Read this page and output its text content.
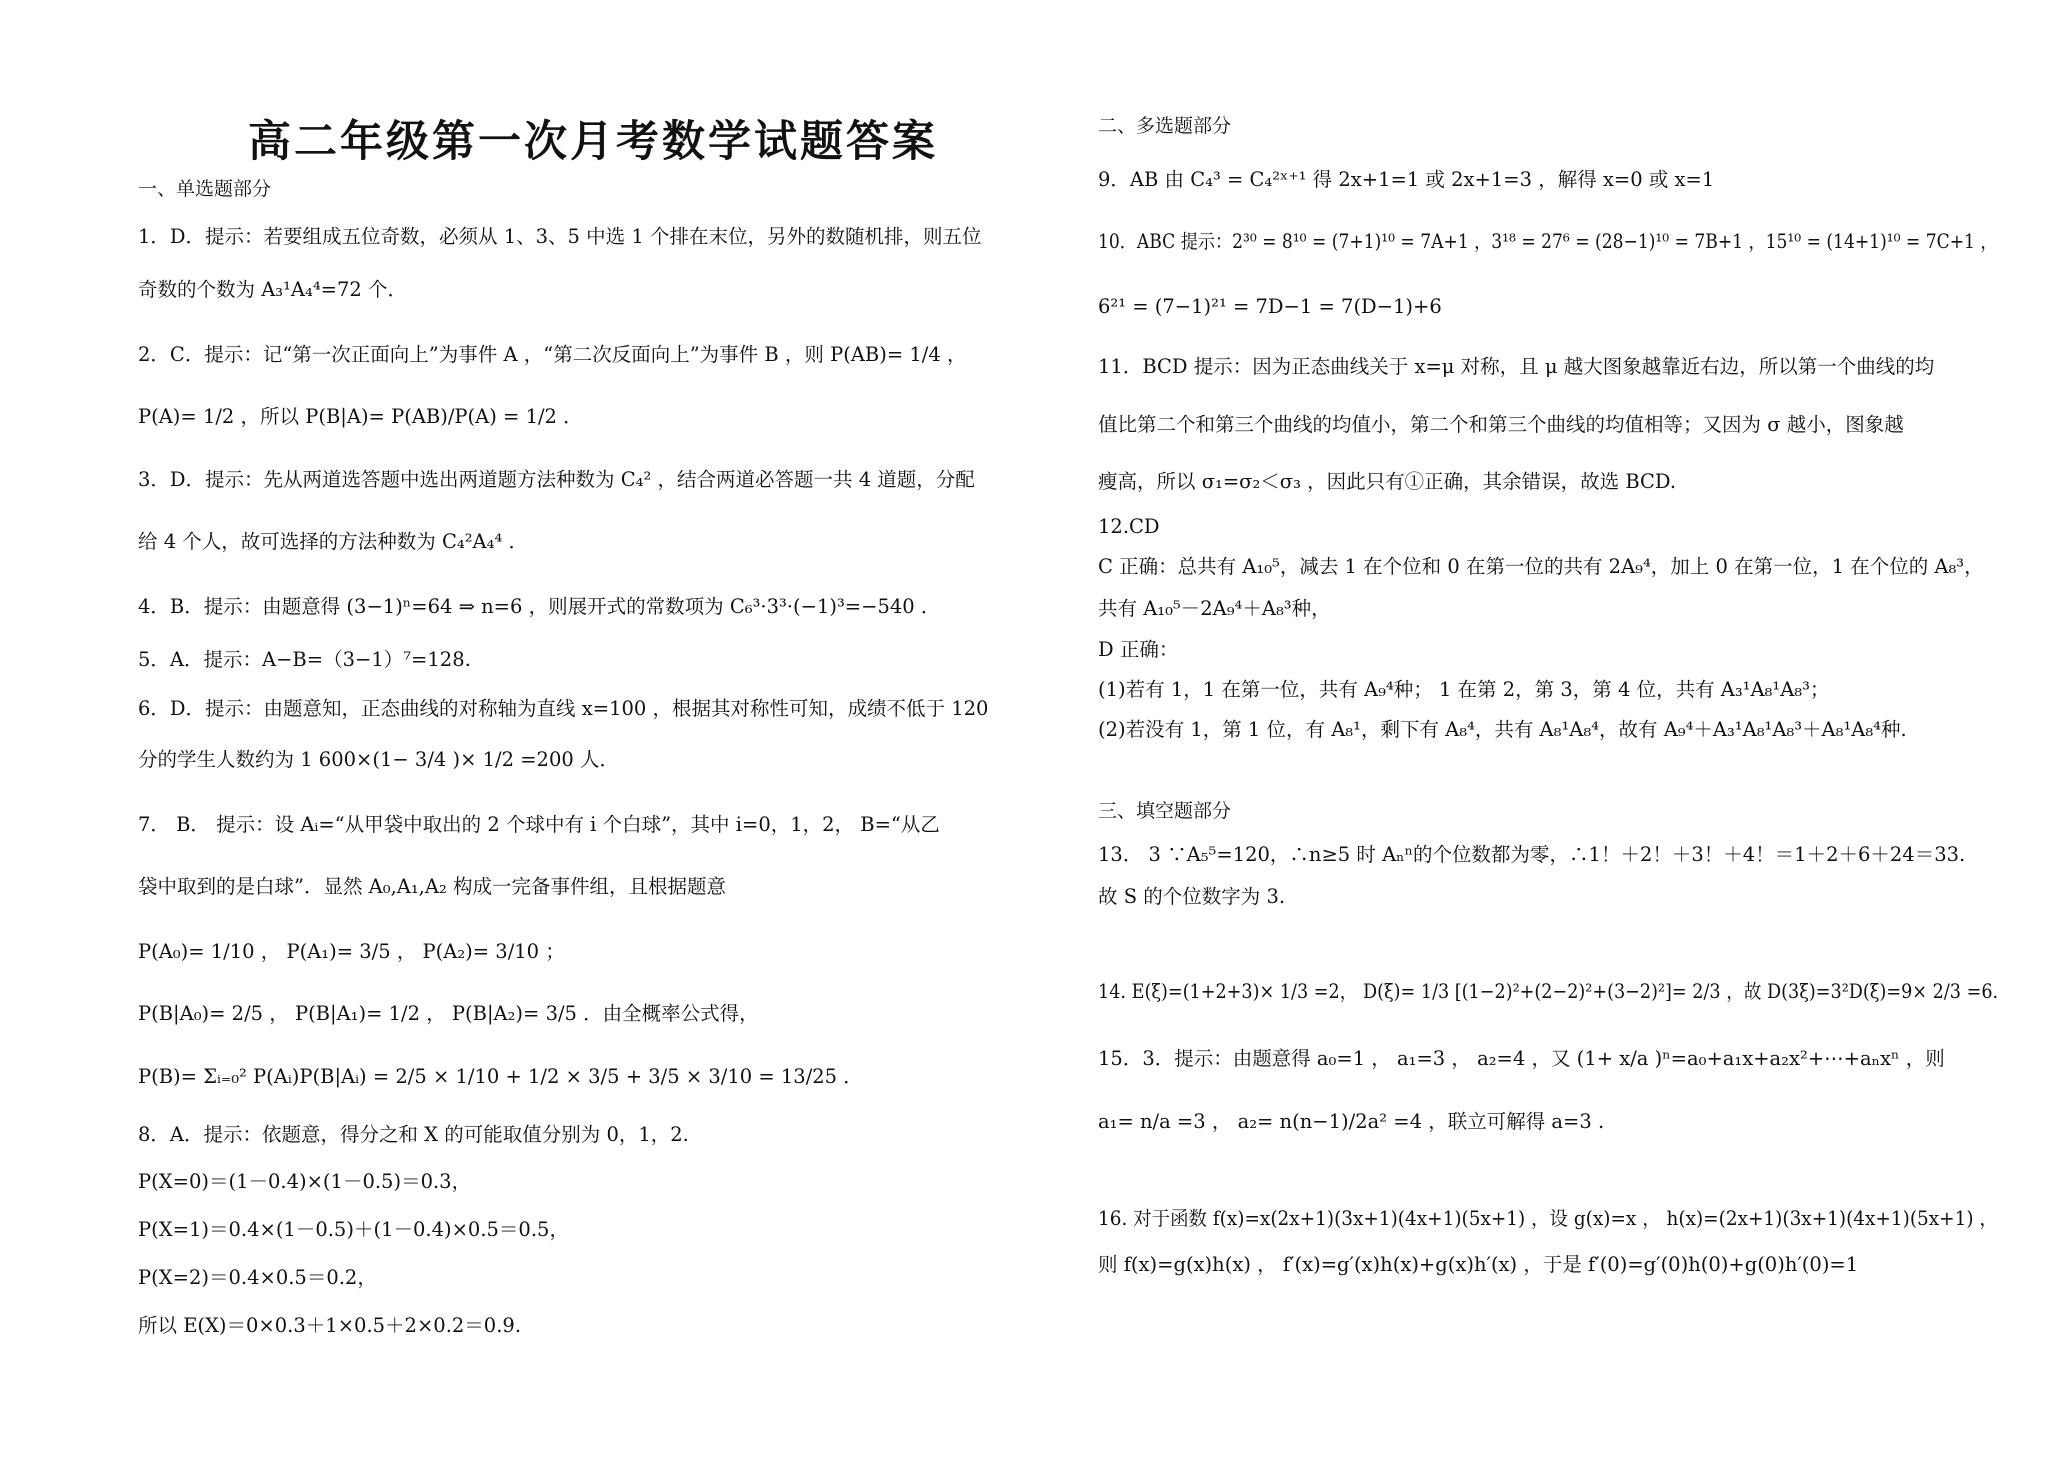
高二年级第一次月考数学试题答案
一、单选题部分
1．D．提示：若要组成五位奇数，必须从 1、3、5 中选 1 个排在末位，另外的数随机排，则五位
奇数的个数为 A₃¹A₄⁴=72 个．
2．C．提示：记“第一次正面向上”为事件 A ，“第二次反面向上”为事件 B ，则 P(AB)= 1/4 ，
P(A)= 1/2 ，所以 P(B|A)= P(AB)/P(A) = 1/2 ．
3．D．提示：先从两道选答题中选出两道题方法种数为 C₄² ，结合两道必答题一共 4 道题，分配
给 4 个人，故可选择的方法种数为 C₄²A₄⁴ ．
4．B．提示：由题意得 (3−1)ⁿ=64 ⇒ n=6 ，则展开式的常数项为 C₆³·3³·(−1)³=−540 ．
5．A．提示：A−B=（3−1）⁷=128.
6．D．提示：由题意知，正态曲线的对称轴为直线 x=100 ，根据其对称性可知，成绩不低于 120
分的学生人数约为 1 600×(1− 3/4 )× 1/2 =200 人．
7． B． 提示：设 Aᵢ=“从甲袋中取出的 2 个球中有 i 个白球”，其中 i=0，1，2， B=“从乙
袋中取到的是白球”．显然 A₀,A₁,A₂ 构成一完备事件组，且根据题意
P(A₀)= 1/10 ， P(A₁)= 3/5 ， P(A₂)= 3/10 ；
P(B|A₀)= 2/5 ， P(B|A₁)= 1/2 ， P(B|A₂)= 3/5 ．由全概率公式得，
P(B)= Σᵢ₌₀² P(Aᵢ)P(B|Aᵢ) = 2/5 × 1/10 + 1/2 × 3/5 + 3/5 × 3/10 = 13/25 ．
8．A．提示：依题意，得分之和 X 的可能取值分别为 0，1，2.
P(X=0)＝(1－0.4)×(1－0.5)＝0.3，
P(X=1)＝0.4×(1－0.5)＋(1－0.4)×0.5＝0.5，
P(X=2)＝0.4×0.5＝0.2，
所以 E(X)＝0×0.3＋1×0.5＋2×0.2＝0.9.
二、多选题部分
9．AB 由 C₄³ = C₄²ˣ⁺¹ 得 2x+1=1 或 2x+1=3 ，解得 x=0 或 x=1
10．ABC 提示：2³⁰ = 8¹⁰ = (7+1)¹⁰ = 7A+1 ，3¹⁸ = 27⁶ = (28−1)¹⁰ = 7B+1 ，15¹⁰ = (14+1)¹⁰ = 7C+1 ，
6²¹ = (7−1)²¹ = 7D−1 = 7(D−1)+6
11．BCD 提示：因为正态曲线关于 x=μ 对称，且 μ 越大图象越靠近右边，所以第一个曲线的均
值比第二个和第三个曲线的均值小，第二个和第三个曲线的均值相等；又因为 σ 越小，图象越
瘦高，所以 σ₁=σ₂＜σ₃ ，因此只有①正确，其余错误，故选 BCD.
12.CD
C 正确：总共有 A₁₀⁵，减去 1 在个位和 0 在第一位的共有 2A₉⁴，加上 0 在第一位，1 在个位的 A₈³，
共有 A₁₀⁵－2A₉⁴＋A₈³种，
D 正确：
(1)若有 1，1 在第一位，共有 A₉⁴种； 1 在第 2，第 3，第 4 位，共有 A₃¹A₈¹A₈³；
(2)若没有 1，第 1 位，有 A₈¹，剩下有 A₈⁴，共有 A₈¹A₈⁴，故有 A₉⁴＋A₃¹A₈¹A₈³＋A₈¹A₈⁴种.
三、填空题部分
13． 3 ∵A₅⁵=120，∴n≥5 时 Aₙⁿ的个位数都为零，∴1！＋2！＋3！＋4！＝1＋2＋6＋24＝33.
故 S 的个位数字为 3.
14. E(ξ)=(1+2+3)× 1/3 =2， D(ξ)= 1/3 [(1−2)²+(2−2)²+(3−2)²]= 2/3 ，故 D(3ξ)=3²D(ξ)=9× 2/3 =6.
15．3．提示：由题意得 a₀=1 ， a₁=3 ， a₂=4 ，又 (1+ x/a )ⁿ=a₀+a₁x+a₂x²+⋯+aₙxⁿ ，则
a₁= n/a =3 ， a₂= n(n−1)/2a² =4 ，联立可解得 a=3 .
16. 对于函数 f(x)=x(2x+1)(3x+1)(4x+1)(5x+1) ，设 g(x)=x ， h(x)=(2x+1)(3x+1)(4x+1)(5x+1) ，
则 f(x)=g(x)h(x) ， f′(x)=g′(x)h(x)+g(x)h′(x) ，于是 f′(0)=g′(0)h(0)+g(0)h′(0)=1
